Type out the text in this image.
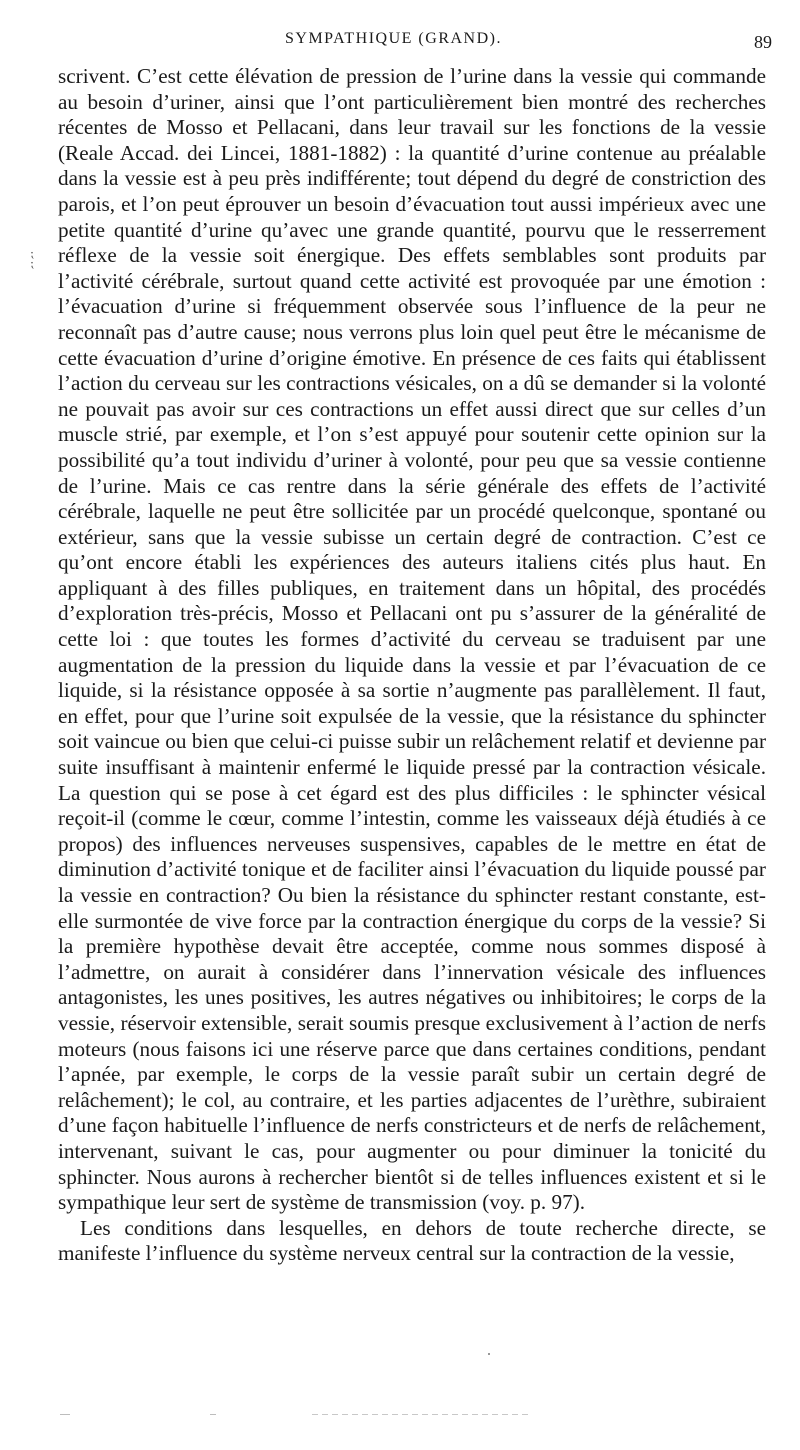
SYMPATHIQUE (GRAND).	89
⁏
⁏

scrivent. C’est cette élévation de pression de l’urine dans la vessie qui commande au besoin d’uriner, ainsi que l’ont particulièrement bien montré des recherches récentes de Mosso et Pellacani, dans leur travail sur les fonctions de la vessie (Reale Accad. dei Lincei, 1881-1882) : la quantité d’urine contenue au préalable dans la vessie est à peu près indifférente; tout dépend du degré de constriction des parois, et l’on peut éprouver un besoin d’évacuation tout aussi impérieux avec une petite quantité d’urine qu’avec une grande quantité, pourvu que le resserrement réflexe de la vessie soit énergique. Des effets semblables sont produits par l’activité cérébrale, surtout quand cette activité est provoquée par une émotion : l’évacuation d’urine si fréquemment observée sous l’influence de la peur ne reconnaît pas d’autre cause; nous verrons plus loin quel peut être le mécanisme de cette évacuation d’urine d’origine émotive. En présence de ces faits qui établissent l’action du cerveau sur les contractions vésicales, on a dû se demander si la volonté ne pouvait pas avoir sur ces contractions un effet aussi direct que sur celles d’un muscle strié, par exemple, et l’on s’est appuyé pour soutenir cette opinion sur la possibilité qu’a tout individu d’uriner à volonté, pour peu que sa vessie contienne de l’urine. Mais ce cas rentre dans la série générale des effets de l’activité cérébrale, laquelle ne peut être sollicitée par un procédé quelconque, spontané ou extérieur, sans que la vessie subisse un certain degré de contraction. C’est ce qu’ont encore établi les expériences des auteurs italiens cités plus haut. En appliquant à des filles publiques, en traitement dans un hôpital, des procédés d’exploration très-précis, Mosso et Pellacani ont pu s’assurer de la généralité de cette loi : que toutes les formes d’activité du cerveau se traduisent par une augmentation de la pression du liquide dans la vessie et par l’évacuation de ce liquide, si la résistance opposée à sa sortie n’augmente pas parallèlement. Il faut, en effet, pour que l’urine soit expulsée de la vessie, que la résistance du sphincter soit vaincue ou bien que celui-ci puisse subir un relâchement relatif et devienne par suite insuffisant à maintenir enfermé le liquide pressé par la contraction vésicale. La question qui se pose à cet égard est des plus difficiles : le sphincter vésical reçoit-il (comme le cœur, comme l’intestin, comme les vaisseaux déjà étudiés à ce propos) des influences nerveuses suspensives, capables de le mettre en état de diminution d’activité tonique et de faciliter ainsi l’évacuation du liquide poussé par la vessie en contraction? Ou bien la résistance du sphincter restant constante, est-elle surmontée de vive force par la contraction énergique du corps de la vessie? Si la première hypothèse devait être acceptée, comme nous sommes disposé à l’admettre, on aurait à considérer dans l’innervation vésicale des influences antagonistes, les unes positives, les autres négatives ou inhibitoires; le corps de la vessie, réservoir extensible, serait soumis presque exclusivement à l’action de nerfs moteurs (nous faisons ici une réserve parce que dans certaines conditions, pendant l’apnée, par exemple, le corps de la vessie paraît subir un certain degré de relâchement); le col, au contraire, et les parties adjacentes de l’urèthre, subiraient d’une façon habituelle l’influence de nerfs constricteurs et de nerfs de relâchement, intervenant, suivant le cas, pour augmenter ou pour diminuer la tonicité du sphincter. Nous aurons à rechercher bientôt si de telles influences existent et si le sympathique leur sert de système de transmission (voy. p. 97).

Les conditions dans lesquelles, en dehors de toute recherche directe, se manifeste l’influence du système nerveux central sur la contraction de la vessie,
